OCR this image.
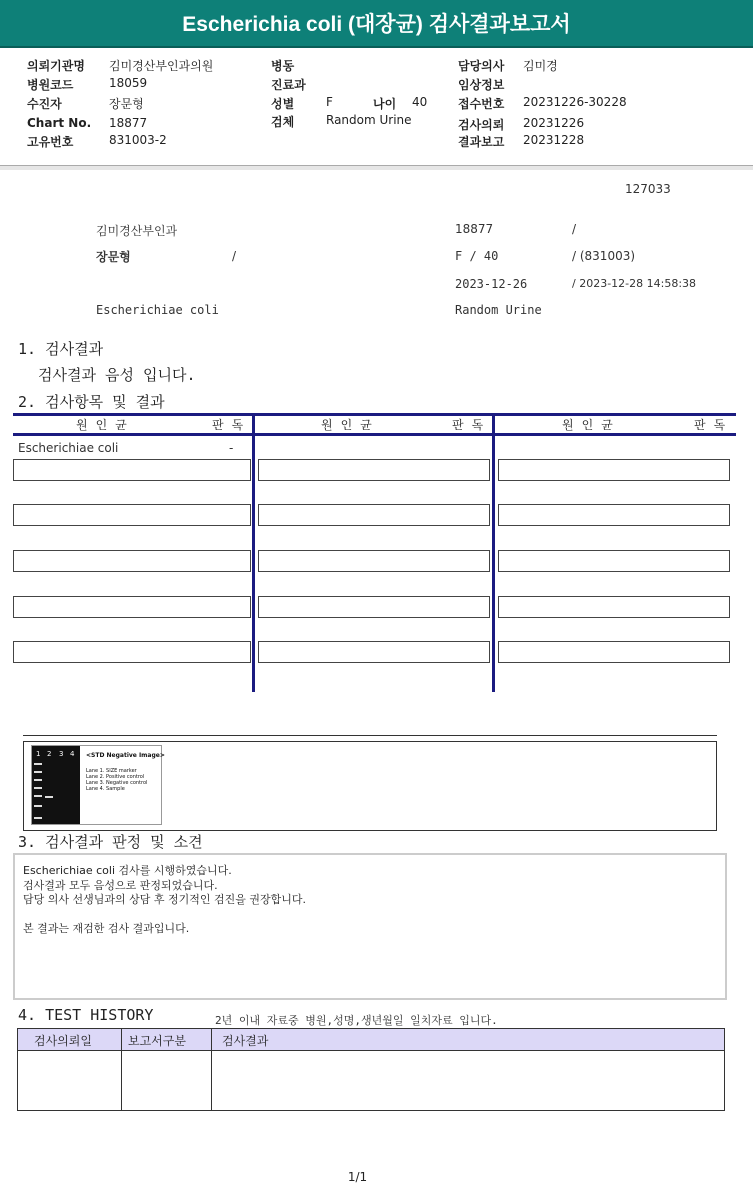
Escherichia coli (대장균) 검사결과보고서
의뢰기관명 김미경산부인과의원
병원코드	18059
수진자	장문형
Chart No. 18877
고유번호	831003-2
병동
진료과
성별	F	나이 40
검체	Random Urine
담당의사 김미경
임상정보
접수번호 20231226-30228
검사의뢰 20231226
결과보고 20231228
127033
김미경산부인과	18877	/
장문형	/	F / 40	/ (831003)
2023-12-26	/ 2023-12-28 14:58:38
Escherichiae coli	Random Urine
1. 검사결과
검사결과 음성 입니다.
2. 검사항목 및 결과
원인균	판독	원인균	판독	원인균	판독
Escherichiae coli	-
1 2 3 4 <STD Negative Image>
Lane 1. SIZE marker
Lane 2. Positive control
Lane 3. Negative control
Lane 4. Sample
3. 검사결과 판정 및 소견
Escherichiae coli 검사를 시행하였습니다.
검사결과 모두 음성으로 판정되었습니다.
담당 의사 선생님과의 상담 후 정기적인 검진을 권장합니다.
본 결과는 재검한 검사 결과입니다.
4. TEST HISTORY	2년 이내 자료중 병원,성명,생년월일 일치자료 입니다.
검사의뢰일	보고서구분	검사결과
1/1
